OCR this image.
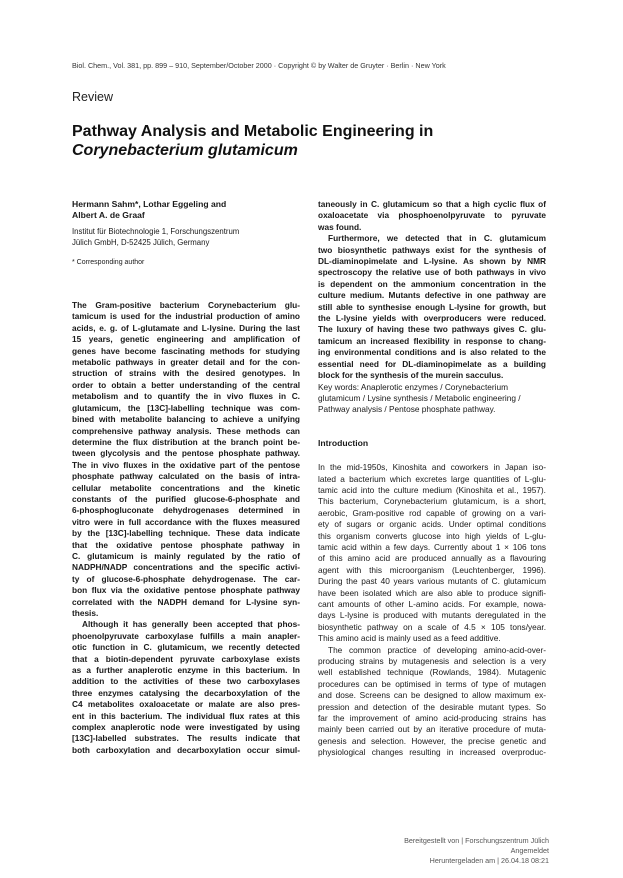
Biol. Chem., Vol. 381, pp. 899 – 910, September/October 2000 · Copyright © by Walter de Gruyter · Berlin · New York
Review
Pathway Analysis and Metabolic Engineering in
Corynebacterium glutamicum
Hermann Sahm*, Lothar Eggeling and
Albert A. de Graaf
Institut für Biotechnologie 1, Forschungszentrum
Jülich GmbH, D-52425 Jülich, Germany
* Corresponding author
The Gram-positive bacterium Corynebacterium glu-
tamicum is used for the industrial production of amino
acids, e. g. of L-glutamate and L-lysine. During the last
15 years, genetic engineering and amplification of
genes have become fascinating methods for studying
metabolic pathways in greater detail and for the con-
struction of strains with the desired genotypes. In
order to obtain a better understanding of the central
metabolism and to quantify the in vivo fluxes in C.
glutamicum, the [13C]-labelling technique was com-
bined with metabolite balancing to achieve a unifying
comprehensive pathway analysis. These methods can
determine the flux distribution at the branch point be-
tween glycolysis and the pentose phosphate pathway.
The in vivo fluxes in the oxidative part of the pentose
phosphate pathway calculated on the basis of intra-
cellular metabolite concentrations and the kinetic
constants of the purified glucose-6-phosphate and
6-phosphogluconate dehydrogenases determined in
vitro were in full accordance with the fluxes measured
by the [13C]-labelling technique. These data indicate
that the oxidative pentose phosphate pathway in
C. glutamicum is mainly regulated by the ratio of
NADPH/NADP concentrations and the specific activi-
ty of glucose-6-phosphate dehydrogenase. The car-
bon flux via the oxidative pentose phosphate pathway
correlated with the NADPH demand for L-lysine syn-
thesis.
Although it has generally been accepted that phos-
phoenolpyruvate carboxylase fulfills a main anapler-
otic function in C. glutamicum, we recently detected
that a biotin-dependent pyruvate carboxylase exists
as a further anaplerotic enzyme in this bacterium. In
addition to the activities of these two carboxylases
three enzymes catalysing the decarboxylation of the
C4 metabolites oxaloacetate or malate are also pres-
ent in this bacterium. The individual flux rates at this
complex anaplerotic node were investigated by using
[13C]-labelled substrates. The results indicate that
both carboxylation and decarboxylation occur simul-
taneously in C. glutamicum so that a high cyclic flux of
oxaloacetate via phosphoenolpyruvate to pyruvate
was found.
Furthermore, we detected that in C. glutamicum
two biosynthetic pathways exist for the synthesis of
DL-diaminopimelate and L-lysine. As shown by NMR
spectroscopy the relative use of both pathways in vivo
is dependent on the ammonium concentration in the
culture medium. Mutants defective in one pathway are
still able to synthesise enough L-lysine for growth, but
the L-lysine yields with overproducers were reduced.
The luxury of having these two pathways gives C. glu-
tamicum an increased flexibility in response to chang-
ing environmental conditions and is also related to the
essential need for DL-diaminopimelate as a building
block for the synthesis of the murein sacculus.
Key words: Anaplerotic enzymes / Corynebacterium
glutamicum / Lysine synthesis / Metabolic engineering /
Pathway analysis / Pentose phosphate pathway.
Introduction
In the mid-1950s, Kinoshita and coworkers in Japan iso-
lated a bacterium which excretes large quantities of L-glu-
tamic acid into the culture medium (Kinoshita et al., 1957).
This bacterium, Corynebacterium glutamicum, is a short,
aerobic, Gram-positive rod capable of growing on a vari-
ety of sugars or organic acids. Under optimal conditions
this organism converts glucose into high yields of L-glu-
tamic acid within a few days. Currently about 1 × 106 tons
of this amino acid are produced annually as a flavouring
agent with this microorganism (Leuchtenberger, 1996).
During the past 40 years various mutants of C. glutamicum
have been isolated which are also able to produce signifi-
cant amounts of other L-amino acids. For example, nowa-
days L-lysine is produced with mutants deregulated in the
biosynthetic pathway on a scale of 4.5 × 105 tons/year.
This amino acid is mainly used as a feed additive.
The common practice of developing amino-acid-over-
producing strains by mutagenesis and selection is a very
well established technique (Rowlands, 1984). Mutagenic
procedures can be optimised in terms of type of mutagen
and dose. Screens can be designed to allow maximum ex-
pression and detection of the desirable mutant types. So
far the improvement of amino acid-producing strains has
mainly been carried out by an iterative procedure of muta-
genesis and selection. However, the precise genetic and
physiological changes resulting in increased overproduc-
Bereitgestellt von | Forschungszentrum Jülich
Angemeldet
Heruntergeladen am | 26.04.18 08:21
